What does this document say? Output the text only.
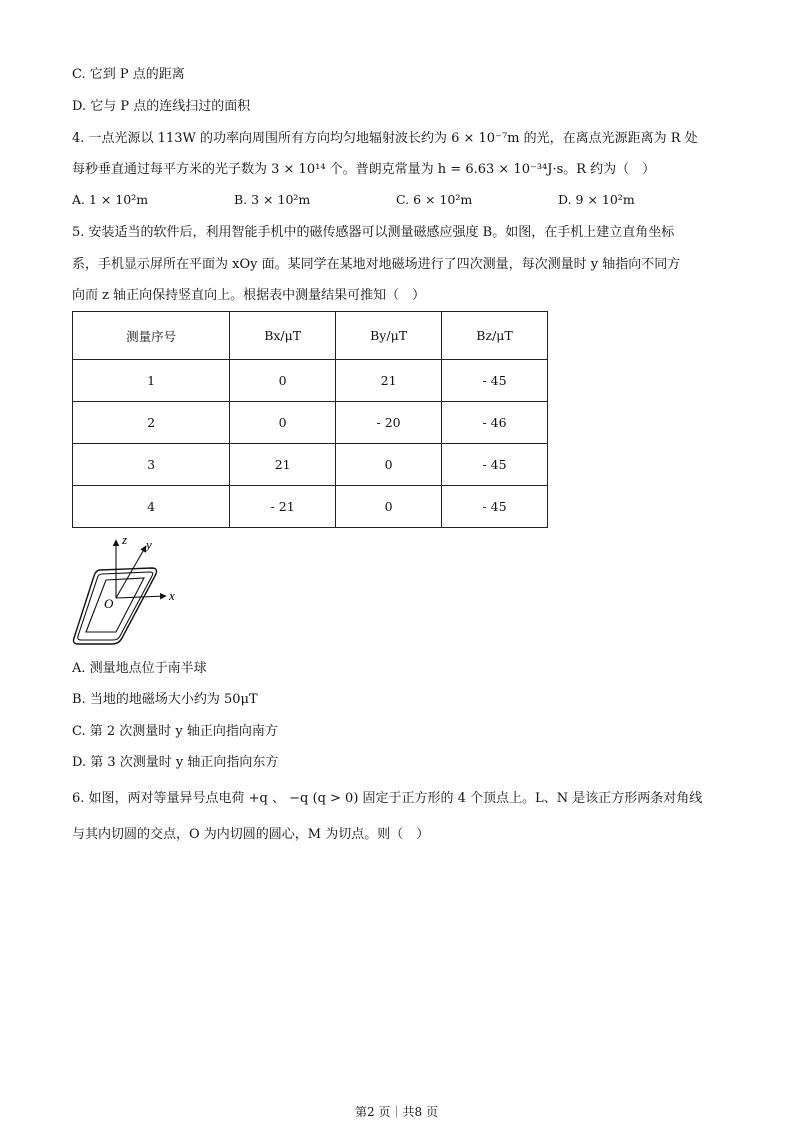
C. 它到 P 点的距离
D. 它与 P 点的连线扫过的面积
4. 一点光源以 113W 的功率向周围所有方向均匀地辐射波长约为 6 × 10⁻⁷m 的光，在离点光源距离为 R 处
每秒垂直通过每平方米的光子数为 3 × 10¹⁴ 个。普朗克常量为 h = 6.63 × 10⁻³⁴J·s。R 约为（　）
A. 1 × 10²m	B. 3 × 10²m	C. 6 × 10²m	D. 9 × 10²m
5. 安装适当的软件后，利用智能手机中的磁传感器可以测量磁感应强度 B。如图，在手机上建立直角坐标
系，手机显示屏所在平面为 xOy 面。某同学在某地对地磁场进行了四次测量，每次测量时 y 轴指向不同方
向而 z 轴正向保持竖直向上。根据表中测量结果可推知（　）
测量序号	Bx/μT	By/μT	Bz/μT
1	0	21	- 45
2	0	- 20	- 46
3	21	0	- 45
4	- 21	0	- 45
z y
x
O
A. 测量地点位于南半球
B. 当地的地磁场大小约为 50μT
C. 第 2 次测量时 y 轴正向指向南方
D. 第 3 次测量时 y 轴正向指向东方
6. 如图，两对等量异号点电荷 +q 、 −q (q > 0) 固定于正方形的 4 个顶点上。L、N 是该正方形两条对角线
与其内切圆的交点，O 为内切圆的圆心，M 为切点。则（　）
第2 页｜共8 页
